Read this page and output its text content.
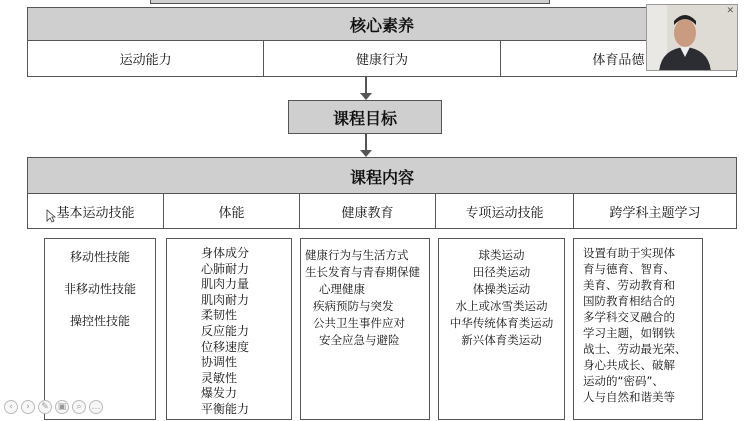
核心素养
运动能力	健康行为	体育品德
课程目标
课程内容
基本运动技能	体能	健康教育	专项运动技能	跨学科主题学习
移动性技能
非移动性技能
操控性技能
身体成分
心肺耐力
肌肉力量
肌肉耐力
柔韧性
反应能力
位移速度
协调性
灵敏性
爆发力
平衡能力
健康行为与生活方式
生长发育与青春期保健
心理健康
疾病预防与突发
公共卫生事件应对
安全应急与避险
球类运动
田径类运动
体操类运动
水上或冰雪类运动
中华传统体育类运动
新兴体育类运动
设置有助于实现体
育与德育、智育、
美育、劳动教育和
国防教育相结合的
多学科交叉融合的
学习主题，如钢铁
战士、劳动最光荣、
身心共成长、破解
运动的“密码”、
人与自然和谐美等
✕
‹	›	✎ ▣	⌕	…
